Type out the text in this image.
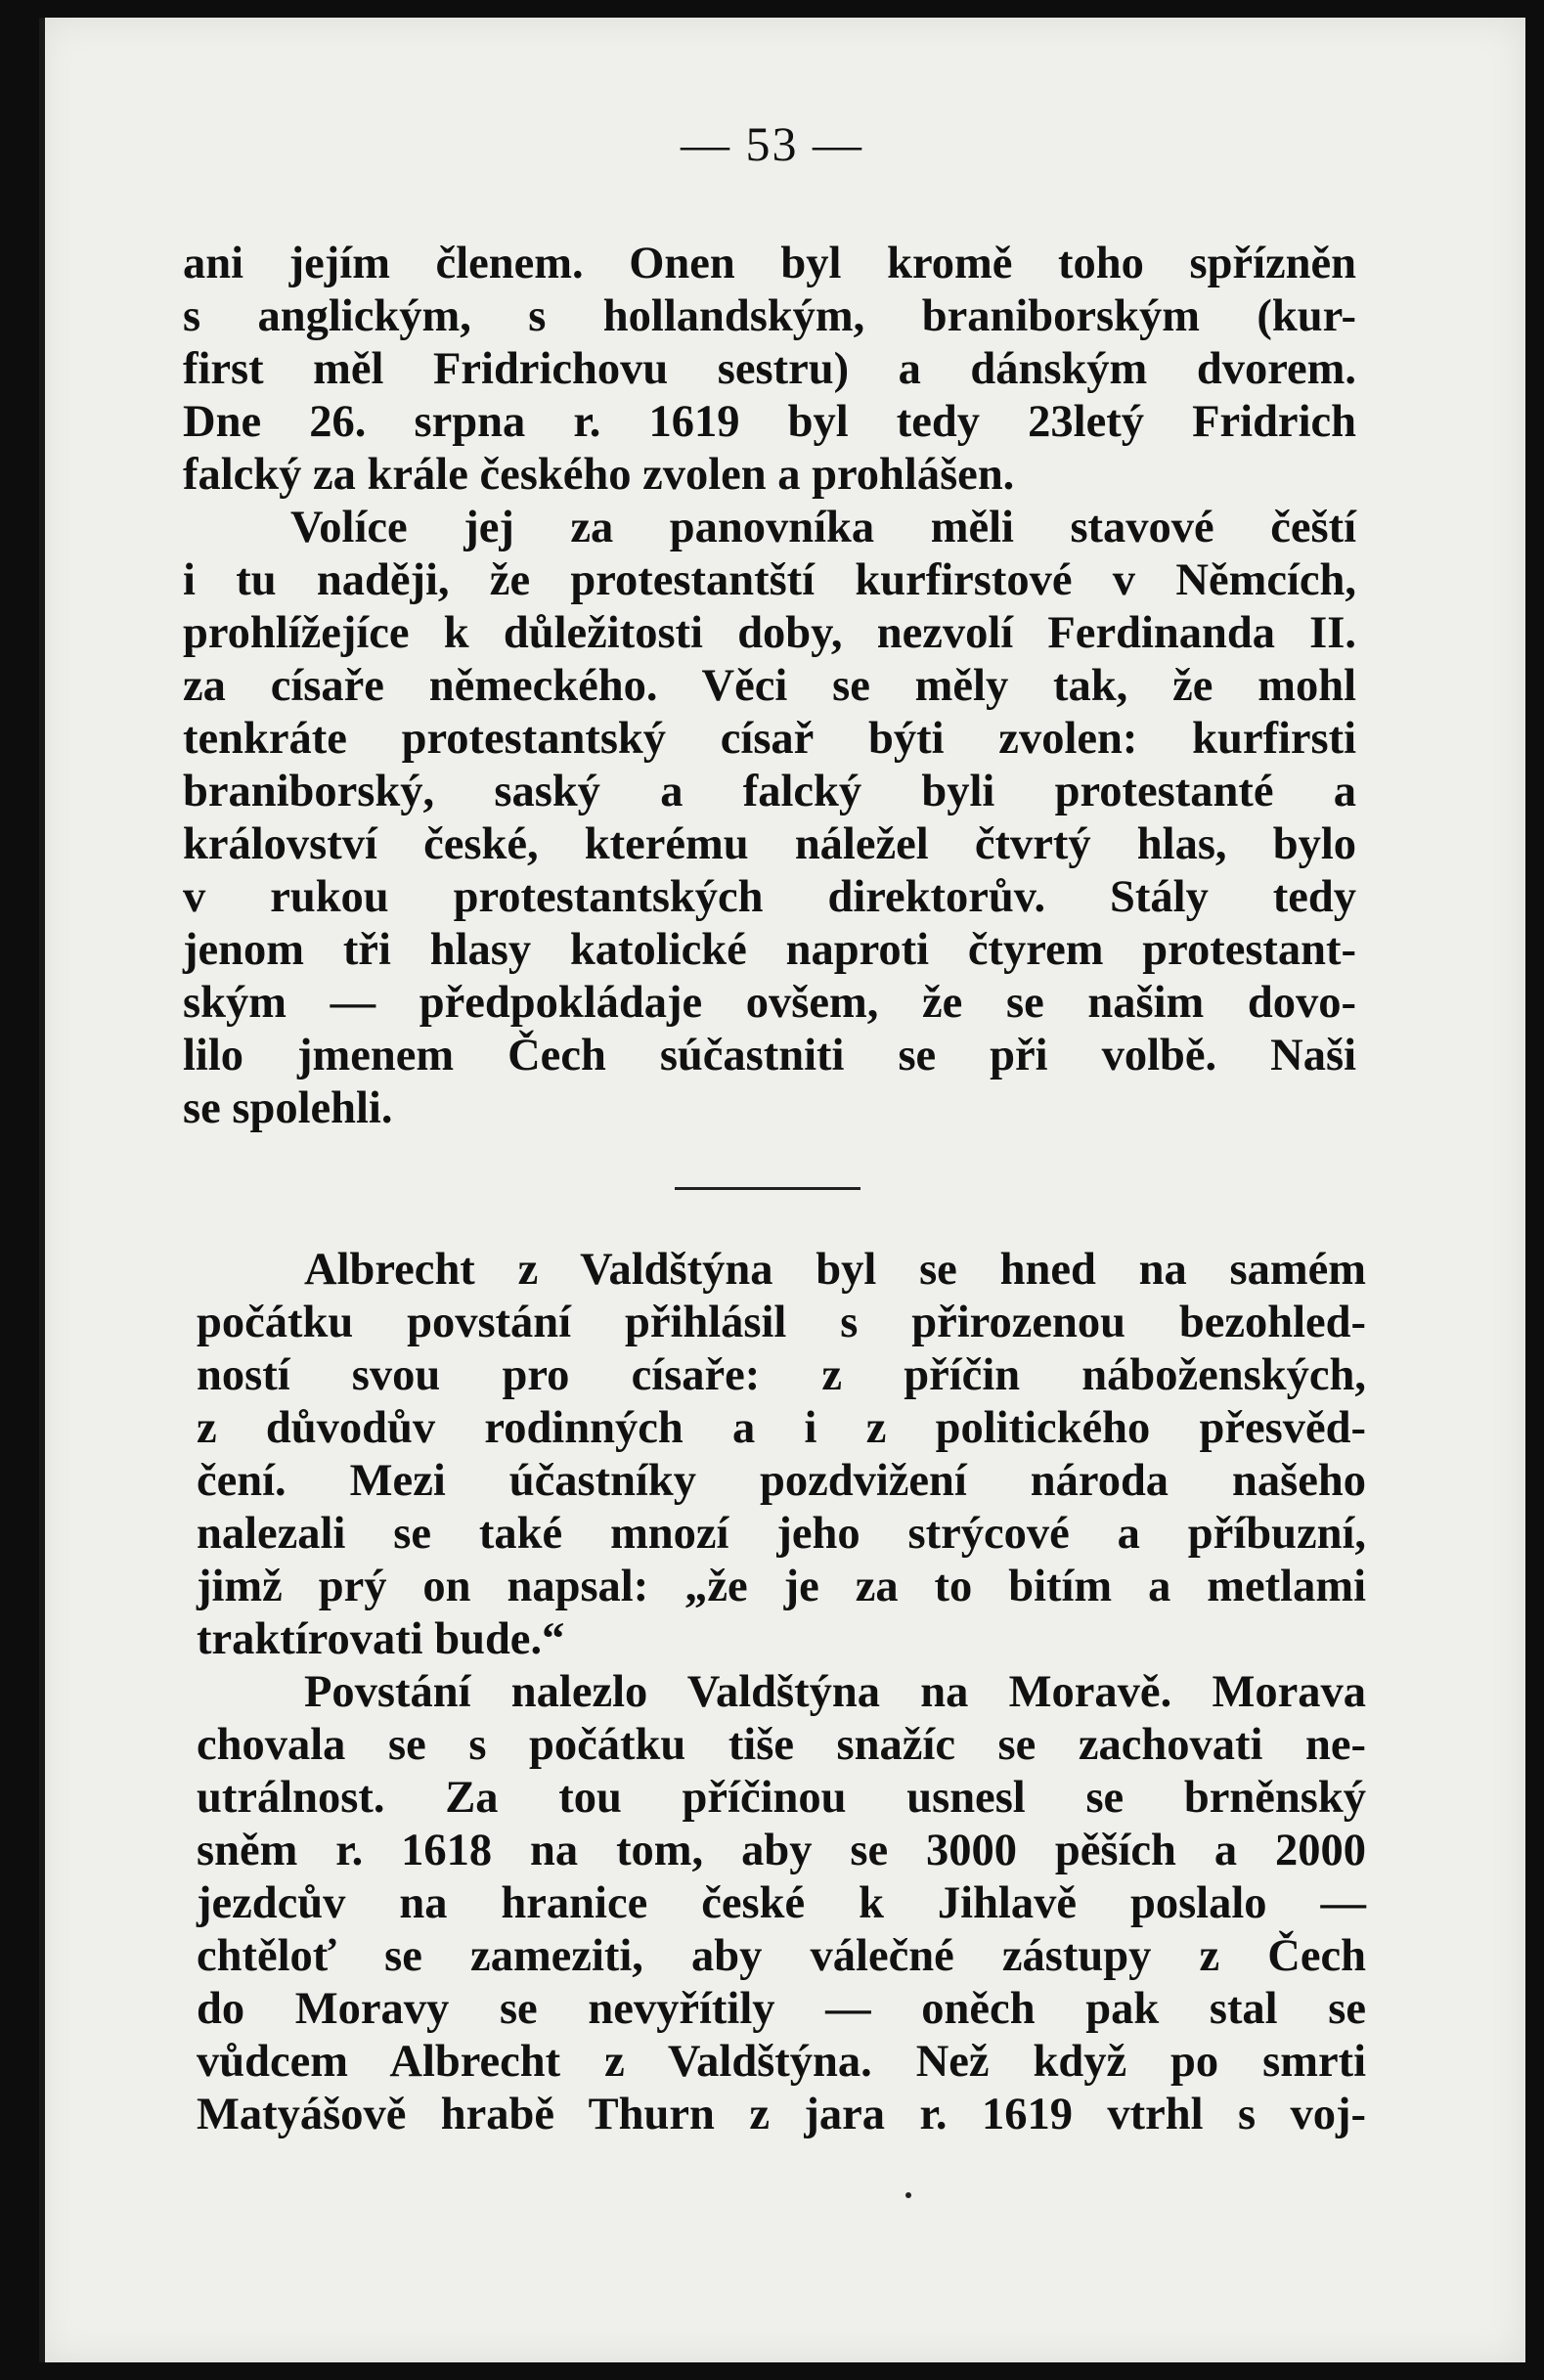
— 53 —
ani jejím členem. Onen byl kromě toho spřízněn
s anglickým, s hollandským, braniborským (kur-
first měl Fridrichovu sestru) a dánským dvorem.
Dne 26. srpna r. 1619 byl tedy 23letý Fridrich
falcký za krále českého zvolen a prohlášen.
Volíce jej za panovníka měli stavové čeští
i tu naději, že protestantští kurfirstové v Němcích,
prohlížejíce k důležitosti doby, nezvolí Ferdinanda II.
za císaře německého. Věci se měly tak, že mohl
tenkráte protestantský císař býti zvolen: kurfirsti
braniborský, saský a falcký byli protestanté a
království české, kterému náležel čtvrtý hlas, bylo
v rukou protestantských direktorův. Stály tedy
jenom tři hlasy katolické naproti čtyrem protestant-
ským — předpokládaje ovšem, že se našim dovo-
lilo jmenem Čech súčastniti se při volbě. Naši
se spolehli.
Albrecht z Valdštýna byl se hned na samém
počátku povstání přihlásil s přirozenou bezohled-
ností svou pro císaře: z příčin náboženských,
z důvodův rodinných a i z politického přesvěd-
čení. Mezi účastníky pozdvižení národa našeho
nalezali se také mnozí jeho strýcové a příbuzní,
jimž prý on napsal: „že je za to bitím a metlami
traktírovati bude.“
Povstání nalezlo Valdštýna na Moravě. Morava
chovala se s počátku tiše snažíc se zachovati ne-
utrálnost. Za tou příčinou usnesl se brněnský
sněm r. 1618 na tom, aby se 3000 pěších a 2000
jezdcův na hranice české k Jihlavě poslalo —
chtěloť se zameziti, aby válečné zástupy z Čech
do Moravy se nevyřítily — oněch pak stal se
vůdcem Albrecht z Valdštýna. Než když po smrti
Matyášově hrabě Thurn z jara r. 1619 vtrhl s voj-
